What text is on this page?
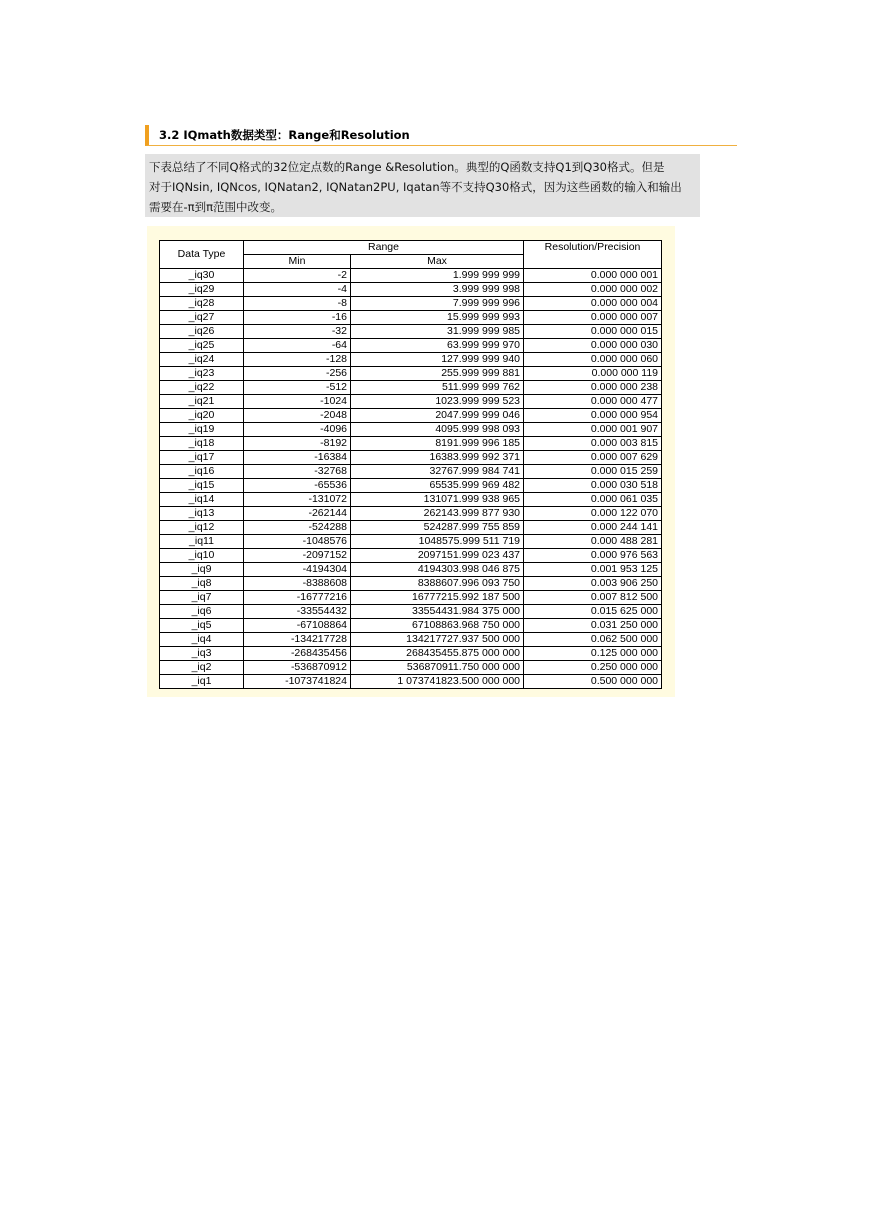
3.2 IQmath数据类型：Range和Resolution
下表总结了不同Q格式的32位定点数的Range &Resolution。典型的Q函数支持Q1到Q30格式。但是
对于IQNsin, IQNcos, IQNatan2, IQNatan2PU, Iqatan等不支持Q30格式，因为这些函数的输入和输出
需要在-π到π范围中改变。
Data Type	Range		Resolution/Precision
	Min	Max	
_iq30	-2	1.999 999 999	0.000 000 001
_iq29	-4	3.999 999 998	0.000 000 002
_iq28	-8	7.999 999 996	0.000 000 004
_iq27	-16	15.999 999 993	0.000 000 007
_iq26	-32	31.999 999 985	0.000 000 015
_iq25	-64	63.999 999 970	0.000 000 030
_iq24	-128	127.999 999 940	0.000 000 060
_iq23	-256	255.999 999 881	0.000 000 119
_iq22	-512	511.999 999 762	0.000 000 238
_iq21	-1024	1023.999 999 523	0.000 000 477
_iq20	-2048	2047.999 999 046	0.000 000 954
_iq19	-4096	4095.999 998 093	0.000 001 907
_iq18	-8192	8191.999 996 185	0.000 003 815
_iq17	-16384	16383.999 992 371	0.000 007 629
_iq16	-32768	32767.999 984 741	0.000 015 259
_iq15	-65536	65535.999 969 482	0.000 030 518
_iq14	-131072	131071.999 938 965	0.000 061 035
_iq13	-262144	262143.999 877 930	0.000 122 070
_iq12	-524288	524287.999 755 859	0.000 244 141
_iq11	-1048576	1048575.999 511 719	0.000 488 281
_iq10	-2097152	2097151.999 023 437	0.000 976 563
_iq9	-4194304	4194303.998 046 875	0.001 953 125
_iq8	-8388608	8388607.996 093 750	0.003 906 250
_iq7	-16777216	16777215.992 187 500	0.007 812 500
_iq6	-33554432	33554431.984 375 000	0.015 625 000
_iq5	-67108864	67108863.968 750 000	0.031 250 000
_iq4	-134217728	134217727.937 500 000	0.062 500 000
_iq3	-268435456	268435455.875 000 000	0.125 000 000
_iq2	-536870912	536870911.750 000 000	0.250 000 000
_iq1	-1073741824	1 073741823.500 000 000	0.500 000 000
